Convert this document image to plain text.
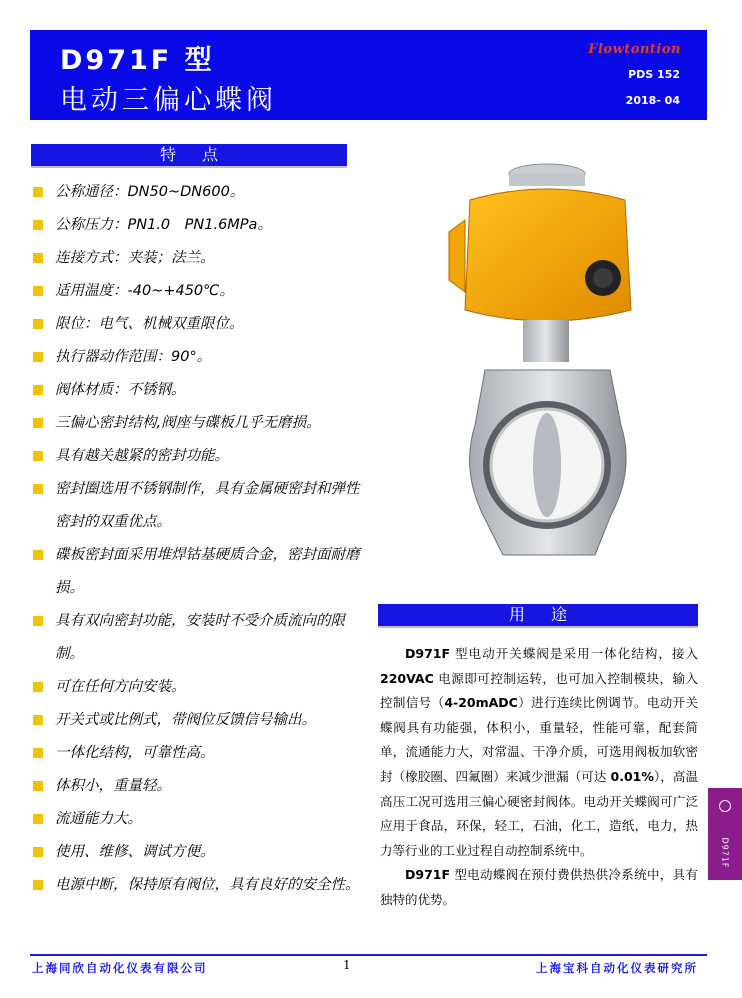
D971F 型
电动三偏心蝶阀
Flowtontion
PDS 152
2018- 04
特点
公称通径：DN50~DN600。
公称压力：PN1.0　PN1.6MPa。
连接方式：夹装；法兰。
适用温度：-40~+450℃。
限位：电气、机械双重限位。
执行器动作范围：90°。
阀体材质：不锈钢。
三偏心密封结构,阀座与碟板几乎无磨损。
具有越关越紧的密封功能。
密封圈选用不锈钢制作，具有金属硬密封和弹性密封的双重优点。
碟板密封面采用堆焊钴基硬质合金，密封面耐磨损。
具有双向密封功能，安装时不受介质流向的限制。
可在任何方向安装。
开关式或比例式，带阀位反馈信号输出。
一体化结构，可靠性高。
体积小，重量轻。
流通能力大。
使用、维修、调试方便。
电源中断，保持原有阀位，具有良好的安全性。
用途

D971F 型电动开关蝶阀是采用一体化结构，接入 220VAC 电源即可控制运转，也可加入控制模块，输入控制信号（4-20mADC）进行连续比例调节。电动开关蝶阀具有功能强，体积小，重量轻，性能可靠，配套简单，流通能力大，对常温、干净介质，可选用阀板加软密封（橡胶圈、四氟圈）来减少泄漏（可达 0.01%），高温高压工况可选用三偏心硬密封阀体。电动开关蝶阀可广泛应用于食品，环保，轻工，石油，化工，造纸，电力，热力等行业的工业过程自动控制系统中。

D971F 型电动蝶阀在预付费供热供冷系统中，具有独特的优势。

D971F
上海同欣自动化仪表有限公司	1	上海宝科自动化仪表研究所
